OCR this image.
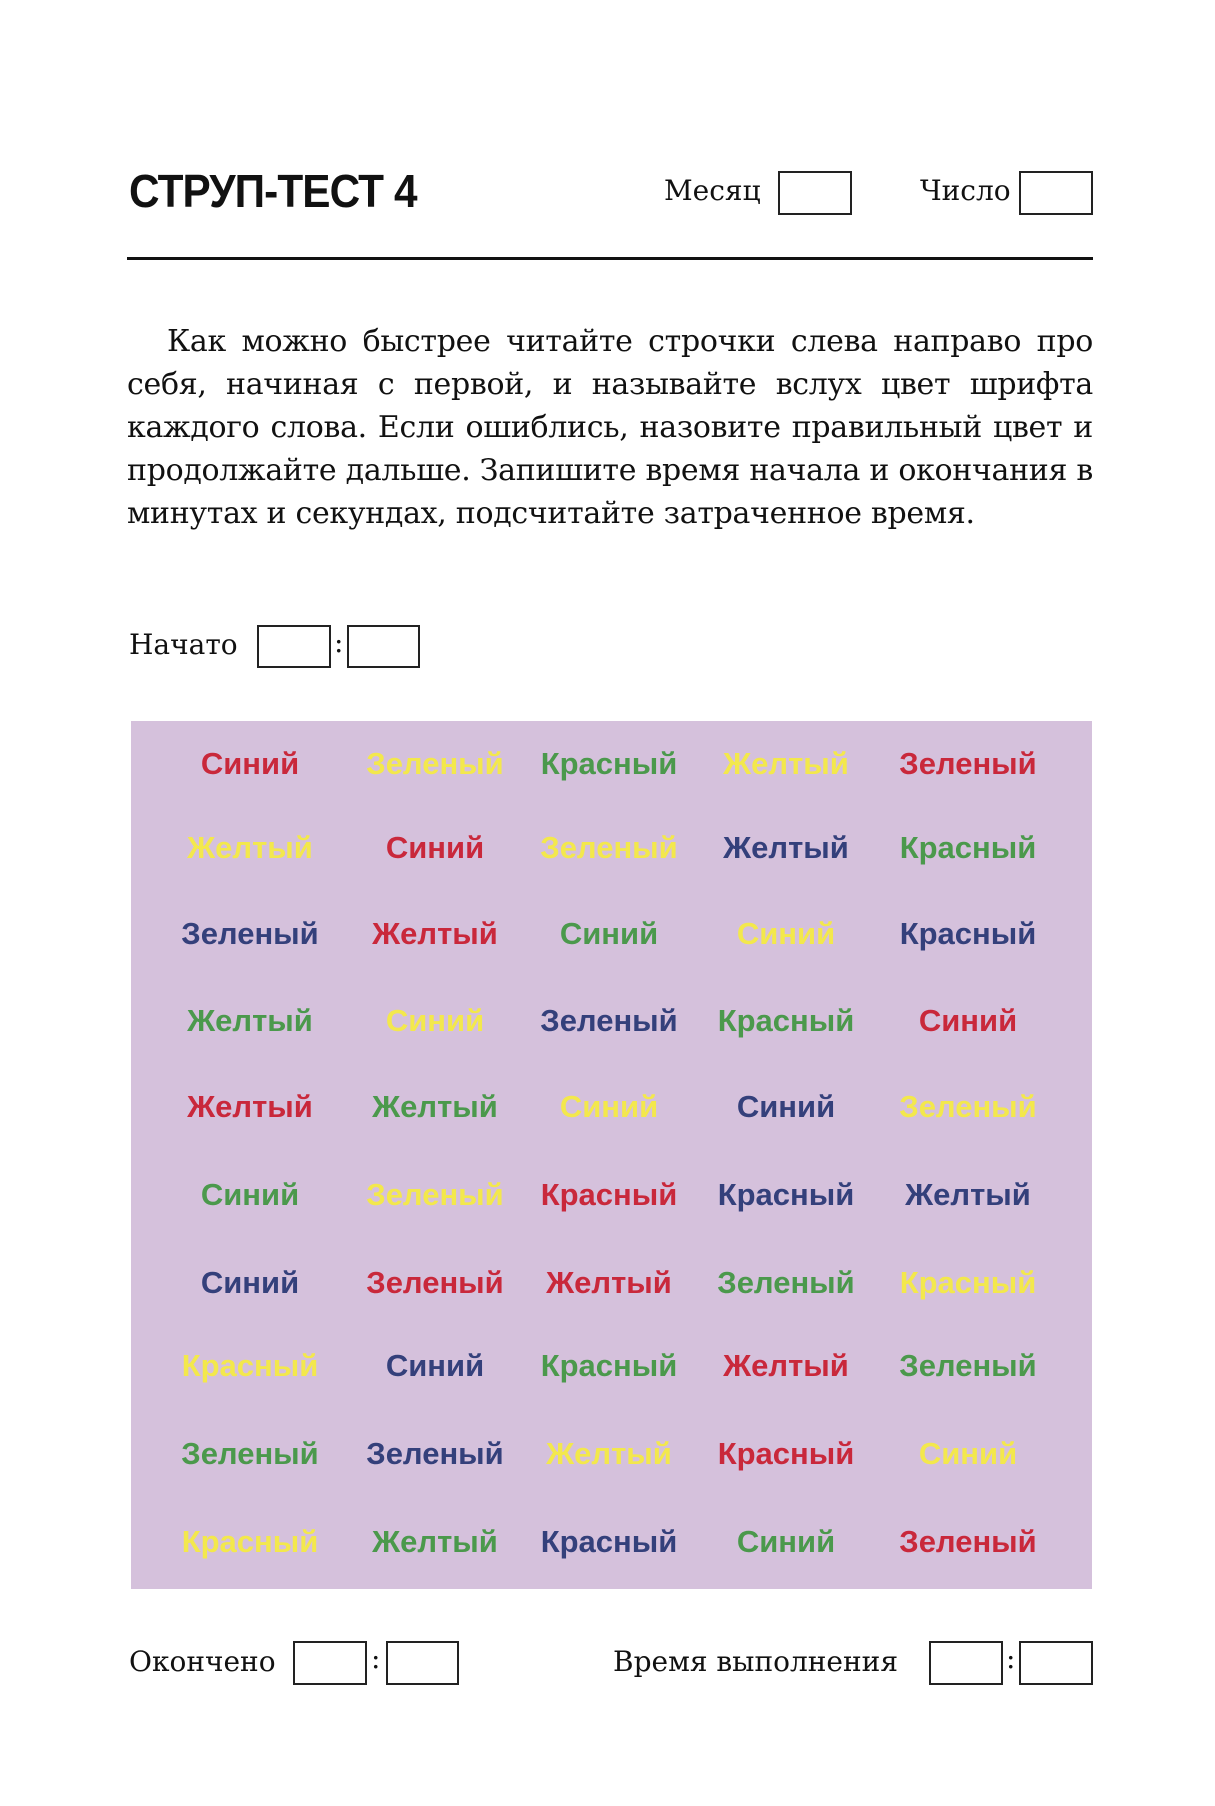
СТРУП-ТЕСТ 4	Месяц	Число
Как можно быстрее читайте строчки слева направо про себя, начиная с первой, и называйте вслух цвет шрифта каждого слова. Если ошиблись, назовите правильный цвет и продолжайте дальше. Запишите время начала и окончания в минутах и секундах, подсчитайте затраченное время.
Начато	:
Синий Зеленый Красный Желтый Зеленый
Желтый Синий Зеленый Желтый Красный
Зеленый Желтый Синий	Синий Красный
Желтый Синий Зеленый Красный Синий
Желтый Желтый Синий	Синий Зеленый
Синий Зеленый Красный Красный Желтый
Синий Зеленый Желтый Зеленый Красный
Красный Синий Красный Желтый Зеленый
Зеленый Зеленый Желтый Красный Синий
Красный Желтый Красный Синий Зеленый
Окончено	:	Время выполнения	:
